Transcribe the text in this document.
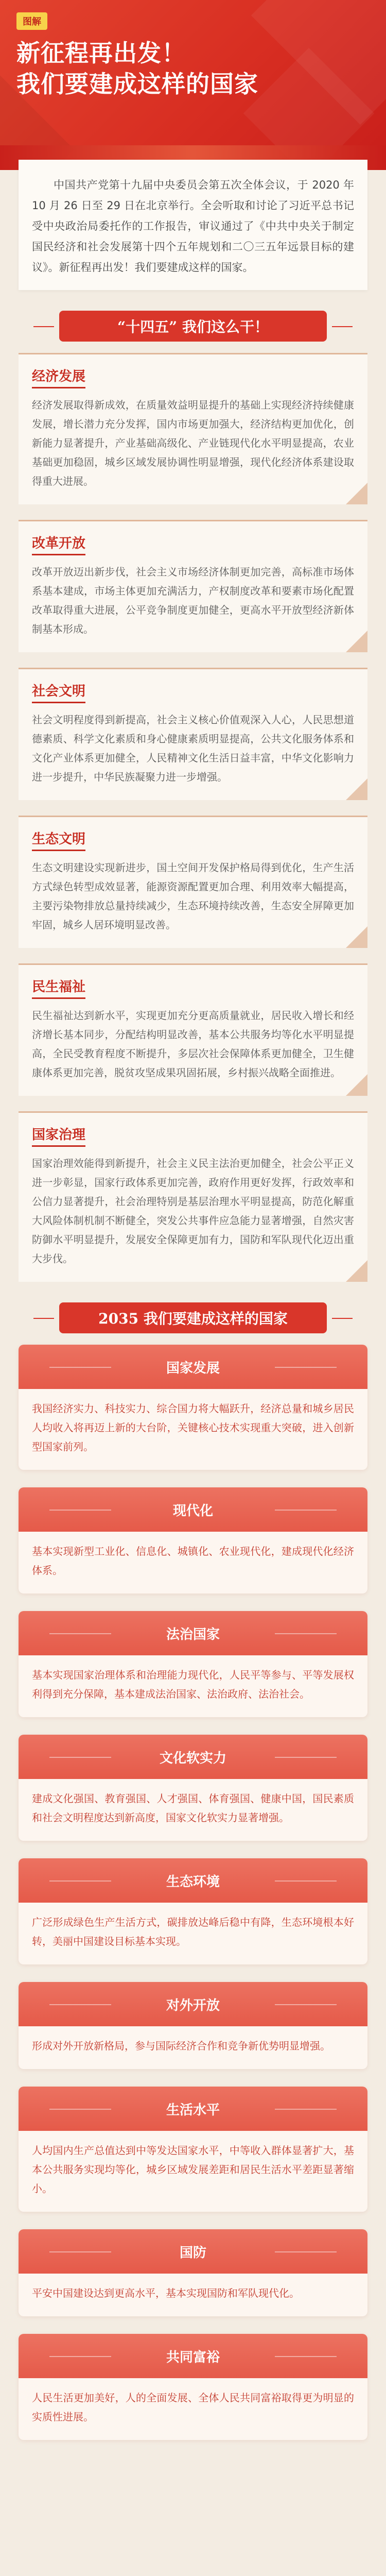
图解
新征程再出发！
我们要建成这样的国家
中国共产党第十九届中央委员会第五次全体会议，于 2020 年 10 月 26 日至 29 日在北京举行。全会听取和讨论了习近平总书记受中央政治局委托作的工作报告，审议通过了《中共中央关于制定国民经济和社会发展第十四个五年规划和二〇三五年远景目标的建议》。新征程再出发！我们要建成这样的国家。
“十四五” 我们这么干！
经济发展
经济发展取得新成效，在质量效益明显提升的基础上实现经济持续健康发展，增长潜力充分发挥，国内市场更加强大，经济结构更加优化，创新能力显著提升，产业基础高级化、产业链现代化水平明显提高，农业基础更加稳固，城乡区域发展协调性明显增强，现代化经济体系建设取得重大进展。
改革开放
改革开放迈出新步伐，社会主义市场经济体制更加完善，高标准市场体系基本建成，市场主体更加充满活力，产权制度改革和要素市场化配置改革取得重大进展，公平竞争制度更加健全，更高水平开放型经济新体制基本形成。
社会文明
社会文明程度得到新提高，社会主义核心价值观深入人心，人民思想道德素质、科学文化素质和身心健康素质明显提高，公共文化服务体系和文化产业体系更加健全，人民精神文化生活日益丰富，中华文化影响力进一步提升，中华民族凝聚力进一步增强。
生态文明
生态文明建设实现新进步，国土空间开发保护格局得到优化，生产生活方式绿色转型成效显著，能源资源配置更加合理、利用效率大幅提高，主要污染物排放总量持续减少，生态环境持续改善，生态安全屏障更加牢固，城乡人居环境明显改善。
民生福祉
民生福祉达到新水平，实现更加充分更高质量就业，居民收入增长和经济增长基本同步，分配结构明显改善，基本公共服务均等化水平明显提高，全民受教育程度不断提升，多层次社会保障体系更加健全，卫生健康体系更加完善，脱贫攻坚成果巩固拓展，乡村振兴战略全面推进。
国家治理
国家治理效能得到新提升，社会主义民主法治更加健全，社会公平正义进一步彰显，国家行政体系更加完善，政府作用更好发挥，行政效率和公信力显著提升，社会治理特别是基层治理水平明显提高，防范化解重大风险体制机制不断健全，突发公共事件应急能力显著增强，自然灾害防御水平明显提升，发展安全保障更加有力，国防和军队现代化迈出重大步伐。
2035 我们要建成这样的国家
国家发展
我国经济实力、科技实力、综合国力将大幅跃升，经济总量和城乡居民人均收入将再迈上新的大台阶，关键核心技术实现重大突破，进入创新型国家前列。
现代化
基本实现新型工业化、信息化、城镇化、农业现代化，建成现代化经济体系。
法治国家
基本实现国家治理体系和治理能力现代化，人民平等参与、平等发展权利得到充分保障，基本建成法治国家、法治政府、法治社会。
文化软实力
建成文化强国、教育强国、人才强国、体育强国、健康中国，国民素质和社会文明程度达到新高度，国家文化软实力显著增强。
生态环境
广泛形成绿色生产生活方式，碳排放达峰后稳中有降，生态环境根本好转，美丽中国建设目标基本实现。
对外开放
形成对外开放新格局，参与国际经济合作和竞争新优势明显增强。
生活水平
人均国内生产总值达到中等发达国家水平，中等收入群体显著扩大，基本公共服务实现均等化，城乡区域发展差距和居民生活水平差距显著缩小。
国防
平安中国建设达到更高水平，基本实现国防和军队现代化。
共同富裕
人民生活更加美好，人的全面发展、全体人民共同富裕取得更为明显的实质性进展。
